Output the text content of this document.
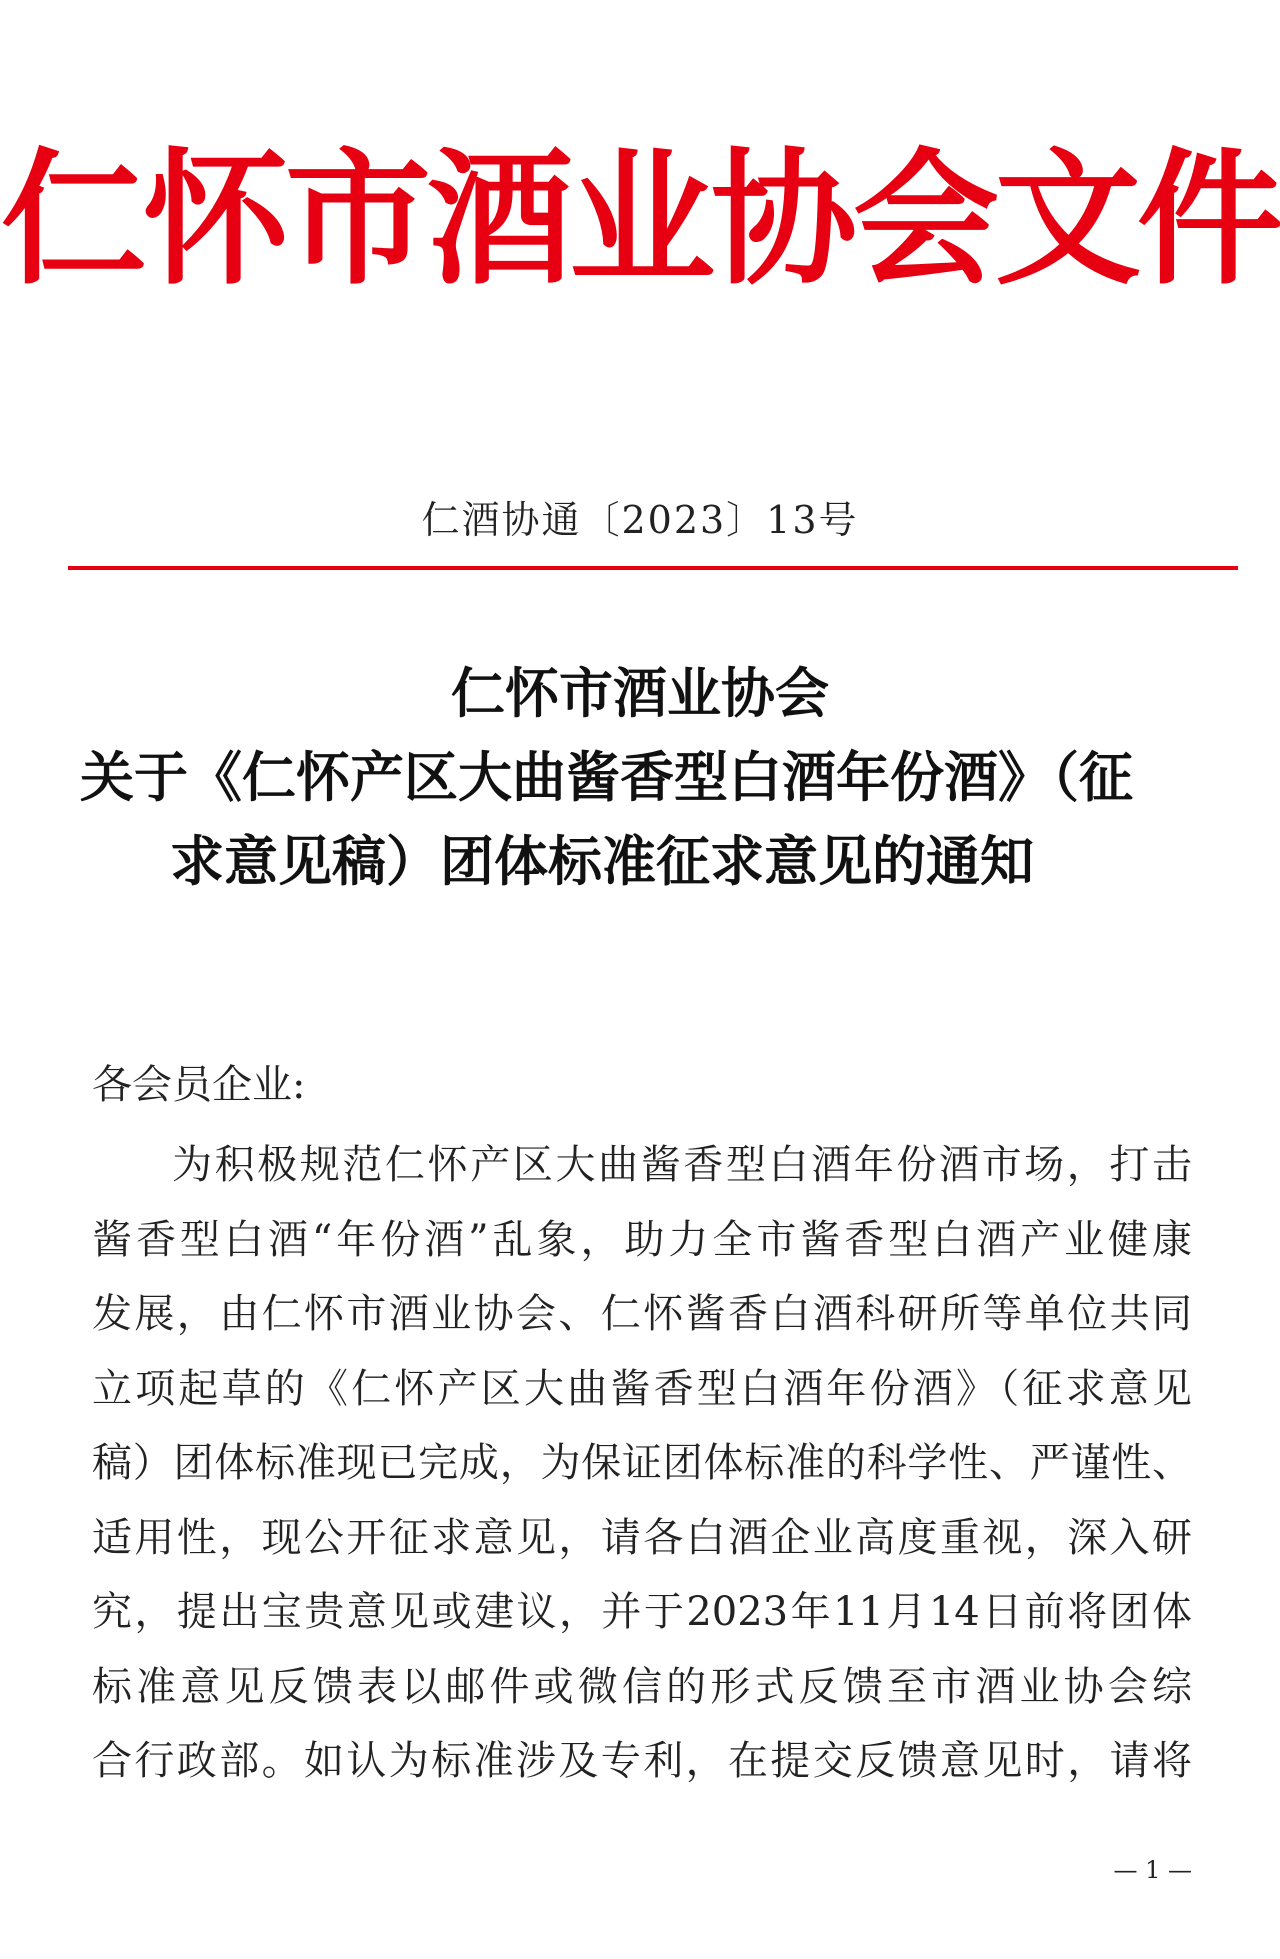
仁怀市酒业协会文件
仁酒协通〔2023〕13号
仁怀市酒业协会
关于《仁怀产区大曲酱香型白酒年份酒》（征
求意见稿）团体标准征求意见的通知
各会员企业:
为积极规范仁怀产区大曲酱香型白酒年份酒市场，打击
酱香型白酒“年份酒”乱象，助力全市酱香型白酒产业健康
发展，由仁怀市酒业协会、仁怀酱香白酒科研所等单位共同
立项起草的《仁怀产区大曲酱香型白酒年份酒》（征求意见
稿）团体标准现已完成，为保证团体标准的科学性、严谨性、
适用性，现公开征求意见，请各白酒企业高度重视，深入研
究，提出宝贵意见或建议，并于2023年11月14日前将团体
标准意见反馈表以邮件或微信的形式反馈至市酒业协会综
合行政部。如认为标准涉及专利，在提交反馈意见时，请将
— 1 —
